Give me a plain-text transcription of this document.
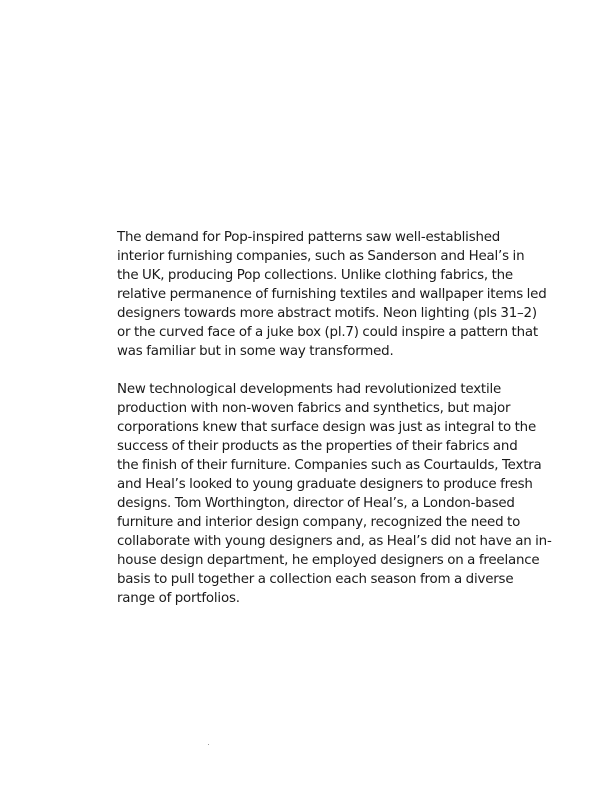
The demand for Pop-inspired patterns saw well-established
interior furnishing companies, such as Sanderson and Heal’s in
the UK, producing Pop collections. Unlike clothing fabrics, the
relative permanence of furnishing textiles and wallpaper items led
designers towards more abstract motifs. Neon lighting (pls 31–2)
or the curved face of a juke box (pl.7) could inspire a pattern that
was familiar but in some way transformed.

New technological developments had revolutionized textile
production with non-woven fabrics and synthetics, but major
corporations knew that surface design was just as integral to the
success of their products as the properties of their fabrics and
the finish of their furniture. Companies such as Courtaulds, Textra
and Heal’s looked to young graduate designers to produce fresh
designs. Tom Worthington, director of Heal’s, a London-based
furniture and interior design company, recognized the need to
collaborate with young designers and, as Heal’s did not have an in-
house design department, he employed designers on a freelance
basis to pull together a collection each season from a diverse
range of portfolios.
